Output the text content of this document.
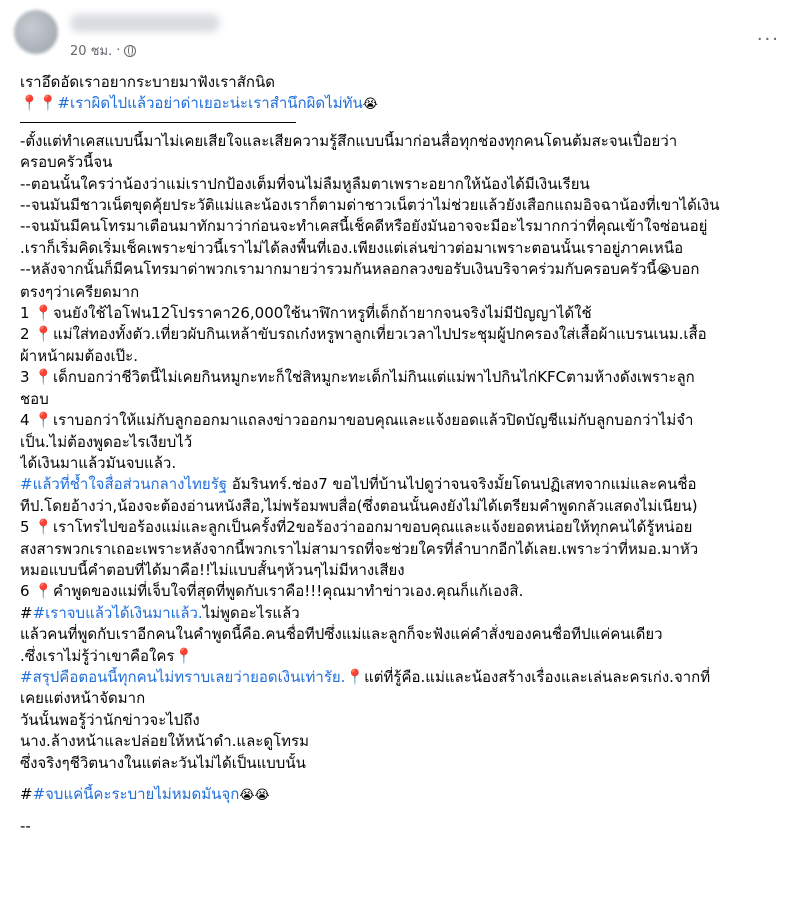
20 ชม. ·
...
เราอึดอัดเราอยากระบายมาฟังเราสักนิด
📍📍#เราผิดไปแล้วอย่าด่าเยอะน่ะเราสำนึกผิดไม่ทัน😭
-ตั้งแต่ทำเคสแบบนี้มาไม่เคยเสียใจและเสียความรู้สึกแบบนี้มาก่อนสื่อทุกช่องทุกคนโดนต้มสะจนเปื่อยว่า
ครอบครัวนี้จน
--ตอนนั้นใครว่าน้องว่าแม่เราปกป้องเต็มที่จนไม่ลืมหูลืมตาเพราะอยากให้น้องได้มีเงินเรียน
--จนมันมีชาวเน็ตขุดคุ้ยประวัติแม่และน้องเราก็ตามด่าชาวเน็ตว่าไม่ช่วยแล้วยังเสือกแถมอิจฉาน้องที่เขาได้เงิน
--จนมันมีคนโทรมาเตือนมาทักมาว่าก่อนจะทำเคสนี้เช็คดีหรือยังมันอาจจะมีอะไรมากกว่าที่คุณเข้าใจซ่อนอยู่
.เราก็เริ่มคิดเริ่มเช็คเพราะข่าวนี้เราไม่ได้ลงพื้นที่เอง.เพียงแต่เล่นข่าวต่อมาเพราะตอนนั้นเราอยู่ภาคเหนือ
--หลังจากนั้นก็มีคนโทรมาด่าพวกเรามากมายว่ารวมกันหลอกลวงขอรับเงินบริจาคร่วมกับครอบครัวนี้😭บอก
ตรงๆว่าเครียดมาก
1 📍จนยังใช้ไอโฟน12โปรราคา26,000ใช้นาฬิกาหรูที่เด็กถ้ายากจนจริงไม่มีปัญญาได้ใช้
2 📍แม่ใส่ทองทั้งตัว.เที่ยวผับกินเหล้าขับรถเก๋งหรูพาลูกเที่ยวเวลาไปประชุมผู้ปกครองใส่เสื้อผ้าแบรนเนม.เสื้อ
ผ้าหน้าผมต้องเป๊ะ.
3 📍เด็กบอกว่าชีวิตนี้ไม่เคยกินหมูกะทะก็ใช่สิหมูกะทะเด็กไม่กินแต่แม่พาไปกินไก่KFCตามห้างดังเพราะลูก
ชอบ
4 📍เราบอกว่าให้แม่กับลูกออกมาแถลงข่าวออกมาขอบคุณและแจ้งยอดแล้วปิดบัญชีแม่กับลูกบอกว่าไม่จำ
เป็น.ไม่ต้องพูดอะไรเงียบไว้
ได้เงินมาแล้วมันจบแล้ว.
#แล้วที่ช้ำใจสื่อส่วนกลางไทยรัฐ อัมรินทร์.ช่อง7 ขอไปที่บ้านไปดูว่าจนจริงมั้ยโดนปฏิเสทจากแม่และคนชื่อ
ทีป.โดยอ้างว่า,น้องจะต้องอ่านหนังสือ,ไม่พร้อมพบสื่อ(ซึ่งตอนนั้นคงยังไม่ได้เตรียมคำพูดกลัวแสดงไม่เนียน)
5 📍เราโทรไปขอร้องแม่และลูกเป็นครั้งที่2ขอร้องว่าออกมาขอบคุณและแจ้งยอดหน่อยให้ทุกคนได้รู้หน่อย
สงสารพวกเราเถอะเพราะหลังจากนี้พวกเราไม่สามารถที่จะช่วยใครที่ลำบากอีกได้เลย.เพราะว่าที่หมอ.มาหัว
หมอแบบนี้คำตอบที่ได้มาคือ!!ไม่แบบสั้นๆห้วนๆไม่มีหางเสียง
6 📍คำพูดของแม่ที่เจ็บใจที่สุดที่พูดกับเราคือ!!!คุณมาทำข่าวเอง.คุณก็แก้เองสิ.
##เราจบแล้วได้เงินมาแล้ว.ไม่พูดอะไรแล้ว
แล้วคนที่พูดกับเราอีกคนในคำพูดนี้คือ.คนชื่อทีปซึ่งแม่และลูกก็จะฟังแค่คำสั่งของคนชื่อทีปแค่คนเดียว
.ซึ่งเราไม่รู้ว่าเขาคือใคร📍
#สรุปคือตอนนี้ทุกคนไม่ทราบเลยว่ายอดเงินเท่ารัย.📍แต่ที่รู้คือ.แม่และน้องสร้างเรื่องและเล่นละครเก่ง.จากที่
เคยแต่งหน้าจัดมาก
วันนั้นพอรู้ว่านักข่าวจะไปถึง
นาง.ล้างหน้าและปล่อยให้หน้าดำ.และดูโทรม
ซึ่งจริงๆชีวิตนางในแต่ละวันไม่ได้เป็นแบบนั้น
##จบแค่นี้คะระบายไม่หมดมันจุก😭😭
--
